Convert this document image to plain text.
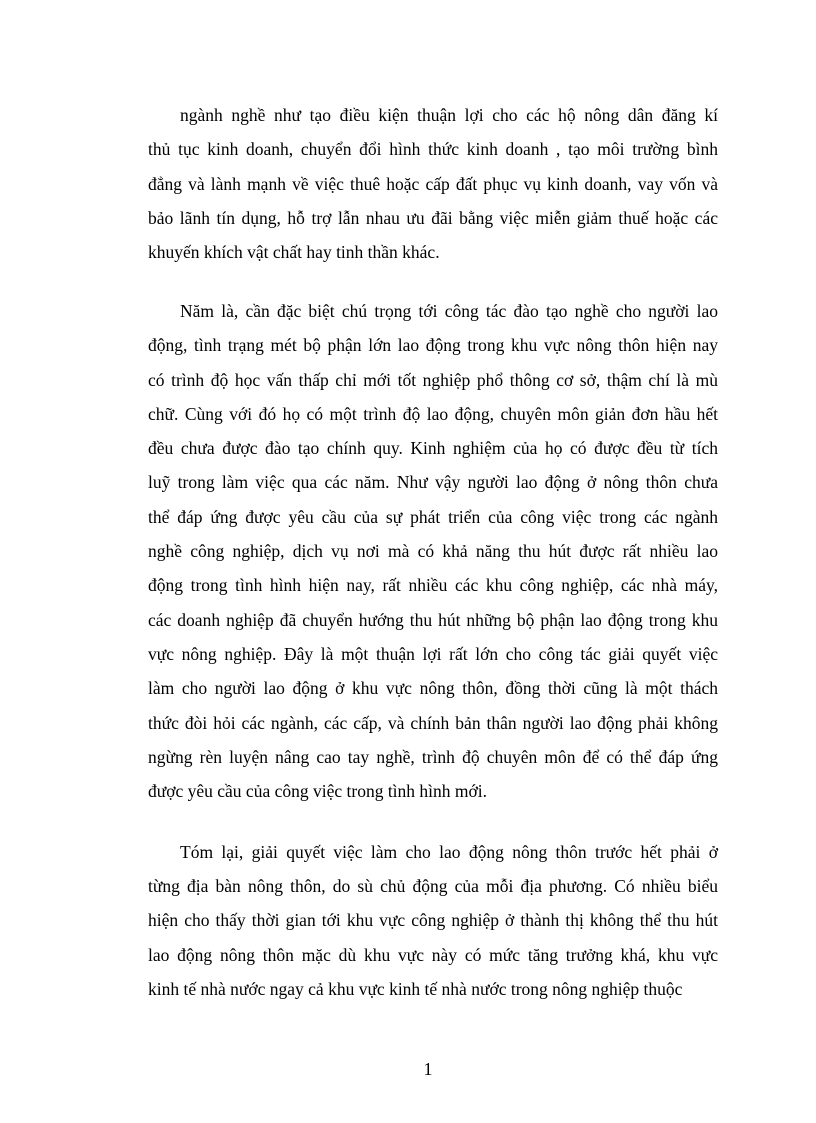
ngành nghề như tạo điều kiện thuận lợi cho các hộ nông dân đăng kí
thủ tục kinh doanh, chuyển đổi hình thức kinh doanh , tạo môi trường bình
đẳng và lành mạnh về việc thuê hoặc cấp đất phục vụ kinh doanh, vay vốn và
bảo lãnh tín dụng, hỗ trợ lẫn nhau ưu đãi bằng việc miễn giảm thuế hoặc các
khuyến khích vật chất hay tinh thần khác.
Năm là, cần đặc biệt chú trọng tới công tác đào tạo nghề cho người lao
động, tình trạng mét bộ phận lớn lao động trong khu vực nông thôn hiện nay
có trình độ học vấn thấp chỉ mới tốt nghiệp phổ thông cơ sở, thậm chí là mù
chữ. Cùng với đó họ có một trình độ lao động, chuyên môn giản đơn hầu hết
đều chưa được đào tạo chính quy. Kinh nghiệm của họ có được đều từ tích
luỹ trong làm việc qua các năm. Như vậy người lao động ở nông thôn chưa
thể đáp ứng được yêu cầu của sự phát triển của công việc trong các ngành
nghề công nghiệp, dịch vụ nơi mà có khả năng thu hút được rất nhiều lao
động trong tình hình hiện nay, rất nhiều các khu công nghiệp, các nhà máy,
các doanh nghiệp đã chuyển hướng thu hút những bộ phận lao động trong khu
vực nông nghiệp. Đây là một thuận lợi rất lớn cho công tác giải quyết việc
làm cho người lao động ở khu vực nông thôn, đồng thời cũng là một thách
thức đòi hỏi các ngành, các cấp, và chính bản thân người lao động phải không
ngừng rèn luyện nâng cao tay nghề, trình độ chuyên môn để có thể đáp ứng
được yêu cầu của công việc trong tình hình mới.
Tóm lại, giải quyết việc làm cho lao động nông thôn trước hết phải ở
từng địa bàn nông thôn, do sù chủ động của mỗi địa phương. Có nhiều biểu
hiện cho thấy thời gian tới khu vực công nghiệp ở thành thị không thể thu hút
lao động nông thôn mặc dù khu vực này có mức tăng trưởng khá, khu vực
kinh tế nhà nước ngay cả khu vực kinh tế nhà nước trong nông nghiệp thuộc
1
